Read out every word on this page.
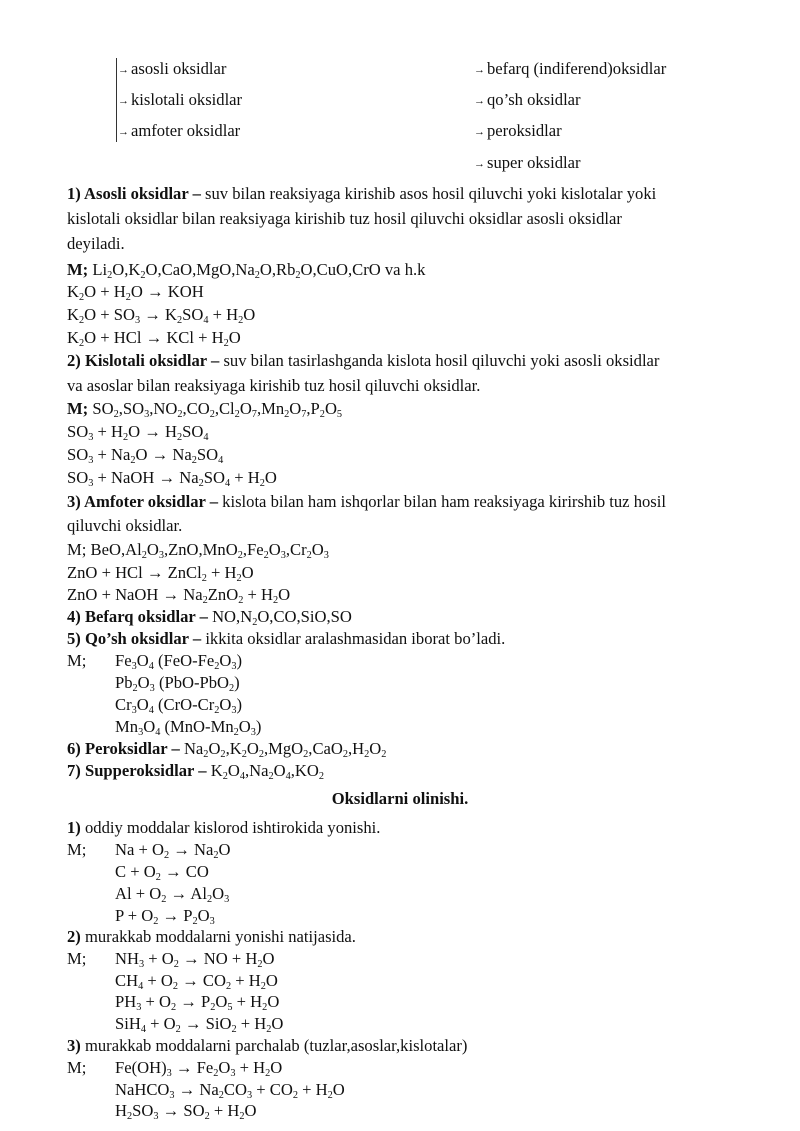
→ asosli oksidlar
→ kislotali oksidlar
→ amfoter oksidlar
→ befarq (indiferend)oksidlar
→ qo’sh oksidlar
→ peroksidlar
→ super oksidlar
1) Asosli oksidlar – suv bilan reaksiyaga kirishib asos hosil qiluvchi yoki kislotalar yoki
kislotali oksidlar bilan reaksiyaga kirishib tuz hosil qiluvchi oksidlar asosli oksidlar
deyiladi.
M; $Li_2O,K_2O,CaO,MgO,Na_2O,Rb_2O,CuO,CrO$ va h.k
$K_2O + H_2O$ → KOH
$K_2O + SO_3 \to K_2SO_4 + H_2O$
$K_2O$ + HCl → KCl + $H_2O$
2) Kislotali oksidlar – suv bilan tasirlashganda kislota hosil qiluvchi yoki asosli oksidlar
va asoslar bilan reaksiyaga kirishib tuz hosil qiluvchi oksidlar.
M; $SO_2,SO_3,NO_2,CO_2,Cl_2O_7,Mn_2O_7,P_2O_5$
$SO_3 + H_2O \to H_2SO_4$
$SO_3 + Na_2O \to Na_2SO_4$
$SO_3$ + NaOH → $Na_2SO_4 + H_2O$
3) Amfoter oksidlar – kislota bilan ham ishqorlar bilan ham reaksiyaga kirirshib tuz hosil
qiluvchi oksidlar.
M; $BeO,Al_2O_3,ZnO,MnO_2,Fe_2O_3,Cr_2O_3$
ZnO + HCl → ZnCl$_2$ + $H_2O$
ZnO + NaOH → $Na_2ZnO_2 + H_2O$
4) Befarq oksidlar – $NO,N_2O,CO,SiO,SO$
5) Qo’sh oksidlar – ikkita oksidlar aralashmasidan iborat bo’ladi.
M; $Fe_3O_4$ $(FeO-Fe_2O_3)$
$Pb_2O_3$ (PbO-PbO$_2$)
$Cr_3O_4$ $(CrO-Cr_2O_3)$
$Mn_3O_4$ $(MnO-Mn_2O_3)$
6) Peroksidlar – $Na_2O_2,K_2O_2,MgO_2,CaO_2,H_2O_2$
7) Supperoksidlar – $K_2O_4,Na_2O_4,KO_2$
Oksidlarni olinishi.
1) oddiy moddalar kislorod ishtirokida yonishi.
M; $Na + O_2 \to Na_2O$
$C + O_2$ → CO
$Al + O_2 \to Al_2O_3$
$P + O_2 \to P_2O_3$
2) murakkab moddalarni yonishi natijasida.
M; $NH_3 + O_2$ → NO + $H_2O$
$CH_4 + O_2 \to CO_2 + H_2O$
$PH_3 + O_2 \to P_2O_5 + H_2O$
$SiH_4 + O_2 \to SiO_2 + H_2O$
3) murakkab moddalarni parchalab (tuzlar,asoslar,kislotalar)
M; $Fe(OH)_3 \to Fe_2O_3 + H_2O$
NaHCO$_3$ → $Na_2CO_3 + CO_2 + H_2O$
$H_2SO_3 \to SO_2 + H_2O$
